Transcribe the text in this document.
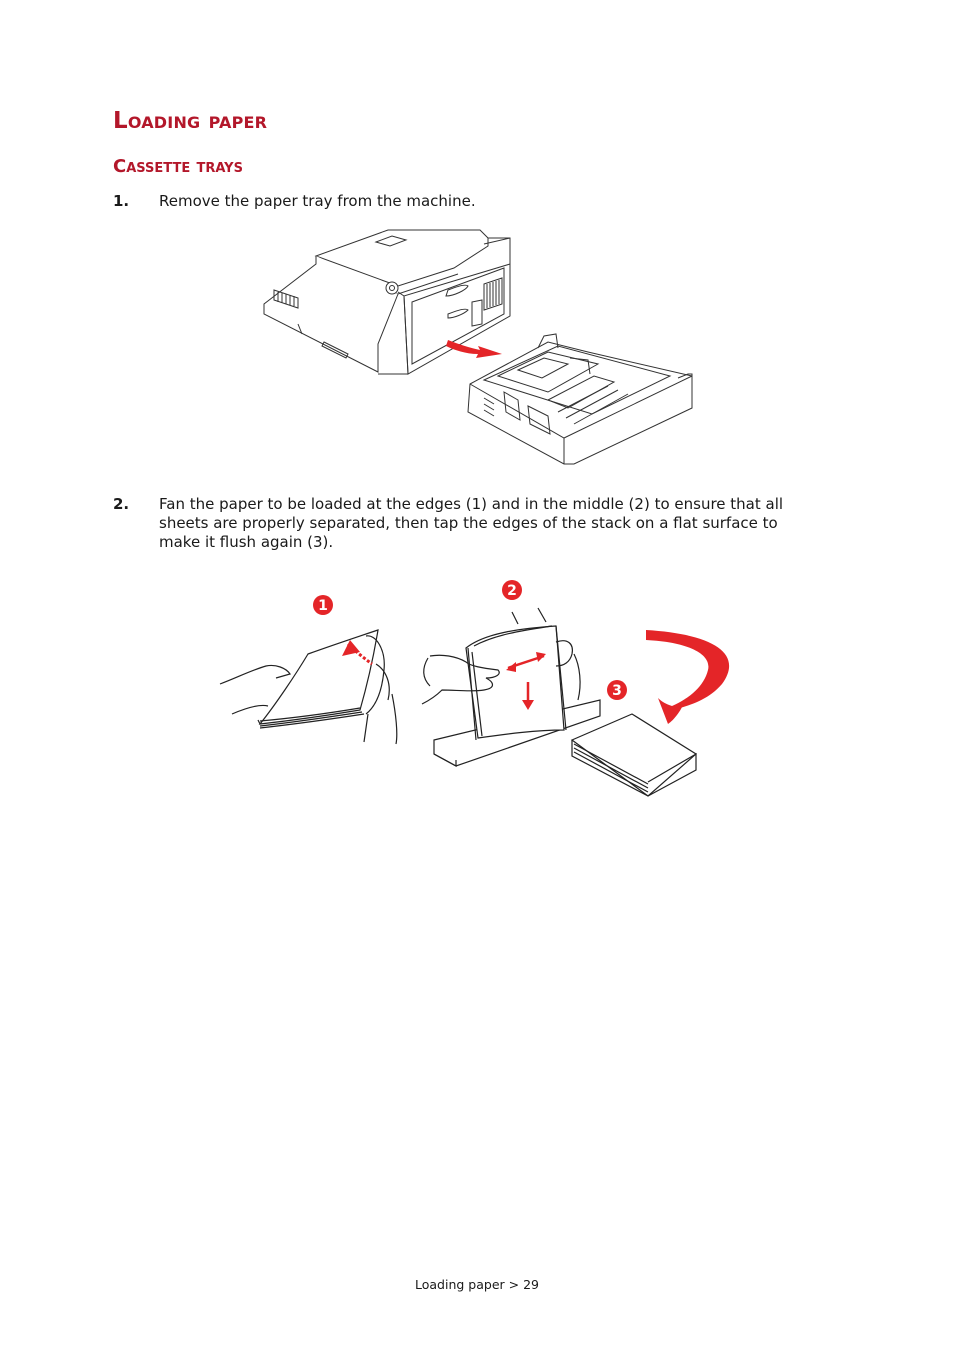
Loading paper
Cassette trays
1. Remove the paper tray from the machine.
2. Fan the paper to be loaded at the edges (1) and in the middle (2) to ensure that all
sheets are properly separated, then tap the edges of the stack on a flat surface to
make it flush again (3).
1
2
3
Loading paper > 29
